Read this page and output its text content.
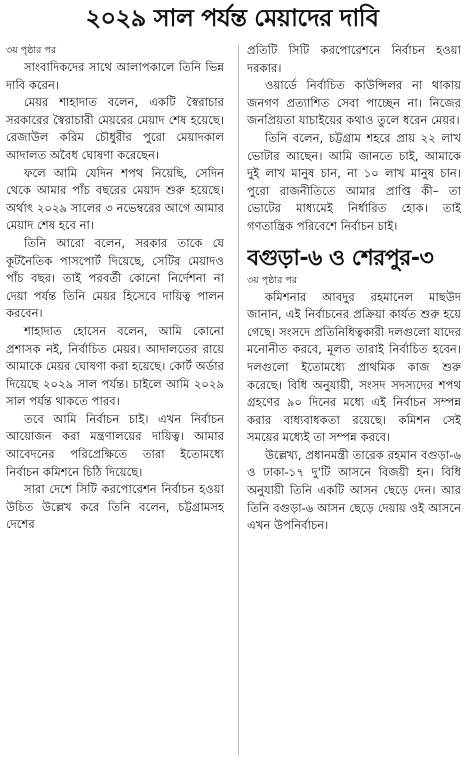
২০২৯ সাল পর্যন্ত মেয়াদের দাবি
৩য় পৃষ্ঠার পর

সাংবাদিকদের সাথে আলাপকালে তিনি ভিন্ন দাবি করেন।

মেয়র শাহাদাত বলেন, একটি স্বৈরাচার সরকারের স্বৈরাচারী মেয়রের মেয়াদ শেষ হয়েছে। রেজাউল করিম চৌধুরীর পুরো মেয়াদকাল আদালত অবৈধ ঘোষণা করেছেন।

ফলে আমি যেদিন শপথ নিয়েছি, সেদিন থেকে আমার পাঁচ বছরের মেয়াদ শুরু হয়েছে। অর্থাৎ ২০২৯ সালের ৩ নভেম্বরের আগে আমার মেয়াদ শেষ হবে না।

তিনি আরো বলেন, সরকার তাকে যে কূটনৈতিক পাসপোর্ট দিয়েছে, সেটির মেয়াদও পাঁচ বছর। তাই পরবর্তী কোনো নির্দেশনা না দেয়া পর্যন্ত তিনি মেয়র হিসেবে দায়িত্ব পালন করবেন।

শাহাদাত হোসেন বলেন, আমি কোনো প্রশাসক নই, নির্বাচিত মেয়র। আদালতের রায়ে আমাকে মেয়র ঘোষণা করা হয়েছে। কোর্ট অর্ডার দিয়েছে ২০২৯ সাল পর্যন্ত। চাইলে আমি ২০২৯ সাল পর্যন্ত থাকতে পারব।

তবে আমি নির্বাচন চাই। এখন নির্বাচন আয়োজন করা মন্ত্রণালয়ের দায়িত্ব। আমার আবেদনের পরিপ্রেক্ষিতে তারা ইতোমধ্যে নির্বাচন কমিশনে চিঠি দিয়েছে।

সারা দেশে সিটি করপোরেশন নির্বাচন হওয়া উচিত উল্লেখ করে তিনি বলেন, চট্টগ্রামসহ দেশের

প্রতিটি সিটি করপোরেশনে নির্বাচন হওয়া দরকার।

ওয়ার্ডে নির্বাচিত কাউন্সিলর না থাকায় জনগণ প্রত্যাশিত সেবা পাচ্ছেন না। নিজের জনপ্রিয়তা যাচাইয়ের কথাও তুলে ধরেন মেয়র।

তিনি বলেন, চট্টগ্রাম শহরে প্রায় ২২ লাখ ভোটার আছেন। আমি জানতে চাই, আমাকে দুই লাখ মানুষ চান, না ১০ লাখ মানুষ চান। পুরো রাজনীতিতে আমার প্রাপ্তি কী– তা ভোটের মাধ্যমেই নির্ধারিত হোক। তাই গণতান্ত্রিক পরিবেশে নির্বাচন চাই।

বগুড়া-৬ ও শেরপুর-৩
৩য় পৃষ্ঠার পর

কমিশনার আবদুর রহমানেল মাছউদ জানান, এই নির্বাচনের প্রক্রিয়া কার্যত শুরু হয়ে গেছে। সংসদে প্রতিনিধিত্বকারী দলগুলো যাদের মনোনীত করবে, মূলত তারাই নির্বাচিত হবেন। দলগুলো ইতোমধ্যে প্রাথমিক কাজ শুরু করেছে। বিধি অনুযায়ী, সংসদ সদস্যদের শপথ গ্রহণের ৯০ দিনের মধ্যে এই নির্বাচন সম্পন্ন করার বাধ্যবাধকতা রয়েছে। কমিশন সেই সময়ের মধ্যেই তা সম্পন্ন করবে।

উল্লেখ্য, প্রধানমন্ত্রী তারেক রহমান বগুড়া-৬ ও ঢাকা-১৭ দু'টি আসনে বিজয়ী হন। বিধি অনুযায়ী তিনি একটি আসন ছেড়ে দেন। আর তিনি বগুড়া-৬ আসন ছেড়ে দেয়ায় ওই আসনে এখন উপনির্বাচন।
